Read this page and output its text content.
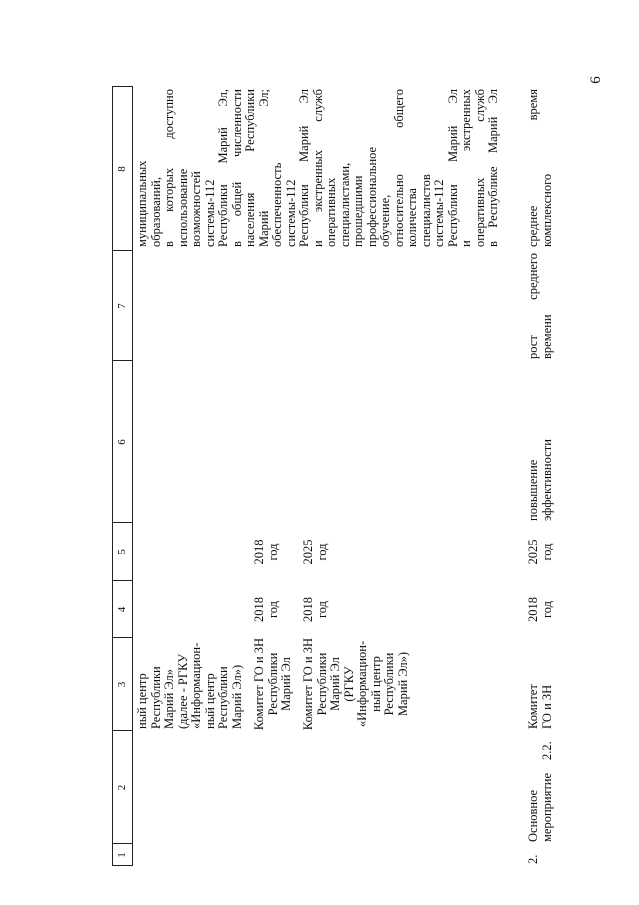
6
1
2
3
4
5
6
7
8
ный центр
Республики
Марий Эл»
(далее - РГКУ
«Информацион-
ный центр
Республики
Марий Эл»)
муниципальных
образований,
в которых доступно
использование
возможностей
системы-112
Республики Марий Эл,
в общей численности
населения Республики
Марий Эл;
обеспеченность
системы-112
Республики Марий Эл
и экстренных служб
оперативных
специалистами,
прошедшими
профессиональное
обучение,
относительно общего
количества
специалистов
системы-112
Республики Марий Эл
и экстренных
оперативных служб
в Республике Марий Эл
Комитет ГО и ЗН
Республики
Марий Эл
2018
год
2018
год
Комитет ГО и ЗН
Республики
Марий Эл
(РГКУ
«Информацион-
ный центр
Республики
Марий Эл»)
2018
год
2025
год
2.
Основное
мероприятие
2.2.
Комитет
ГО и ЗН
2018
год
2025
год
повышение
эффективности
рост среднего
времени
среднее время комплексного
